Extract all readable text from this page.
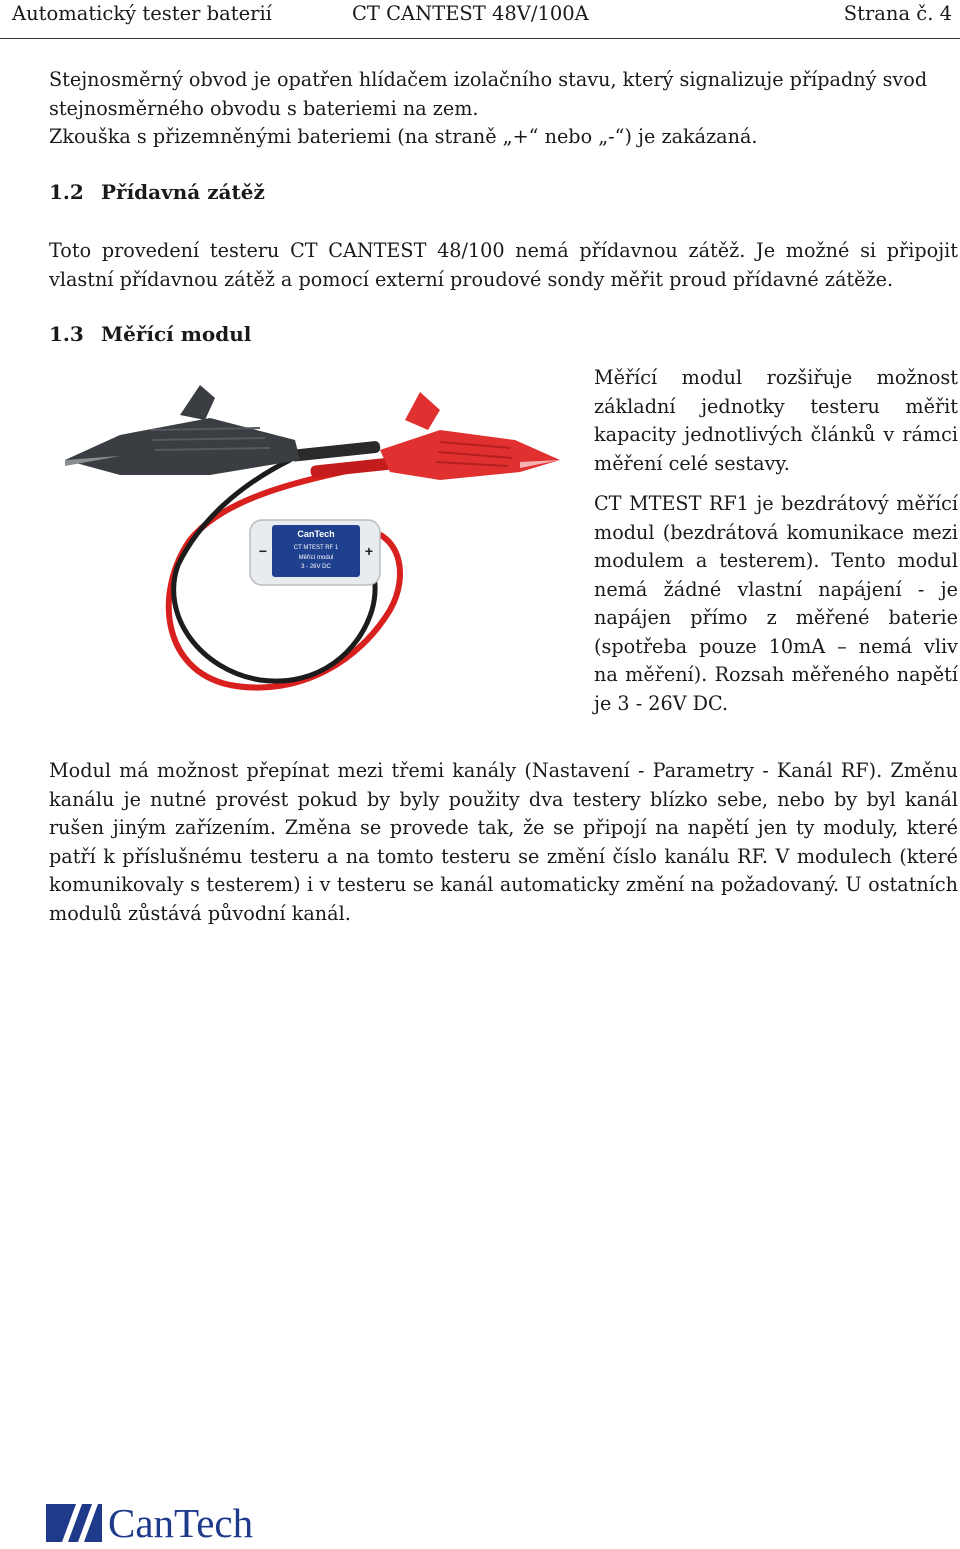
Automatický tester baterií	CT CANTEST 48V/100A	Strana č. 4

Stejnosměrný obvod je opatřen hlídačem izolačního stavu, který signalizuje případný svod stejnosměrného obvodu s bateriemi na zem.

Zkouška s přizemněnými bateriemi (na straně „+“ nebo „-“) je zakázaná.

1.2 Přídavná zátěž

Toto provedení testeru CT CANTEST 48/100 nemá přídavnou zátěž. Je možné si připojit vlastní přídavnou zátěž a pomocí externí proudové sondy měřit proud přídavné zátěže.

1.3 Měřící modul
CanTech
CT MTEST RF 1
Měřící modul
3 - 26V DC
−	+

Měřící modul rozšiřuje možnost základní jednotky testeru měřit kapacity jednotlivých článků v rámci měření celé sestavy.

CT MTEST RF1 je bezdrátový měřící modul (bezdrátová komunikace mezi modulem a testerem). Tento modul nemá žádné vlastní napájení - je napájen přímo z měřené baterie (spotřeba pouze 10mA – nemá vliv na měření). Rozsah měřeného napětí je 3 - 26V DC.

Modul má možnost přepínat mezi třemi kanály (Nastavení - Parametry - Kanál RF). Změnu kanálu je nutné provést pokud by byly použity dva testery blízko sebe, nebo by byl kanál rušen jiným zařízením. Změna se provede tak, že se připojí na napětí jen ty moduly, které patří k příslušnému testeru a na tomto testeru se změní číslo kanálu RF. V modulech (které komunikovaly s testerem) i v testeru se kanál automaticky změní na požadovaný. U ostatních modulů zůstává původní kanál.

CanTech
